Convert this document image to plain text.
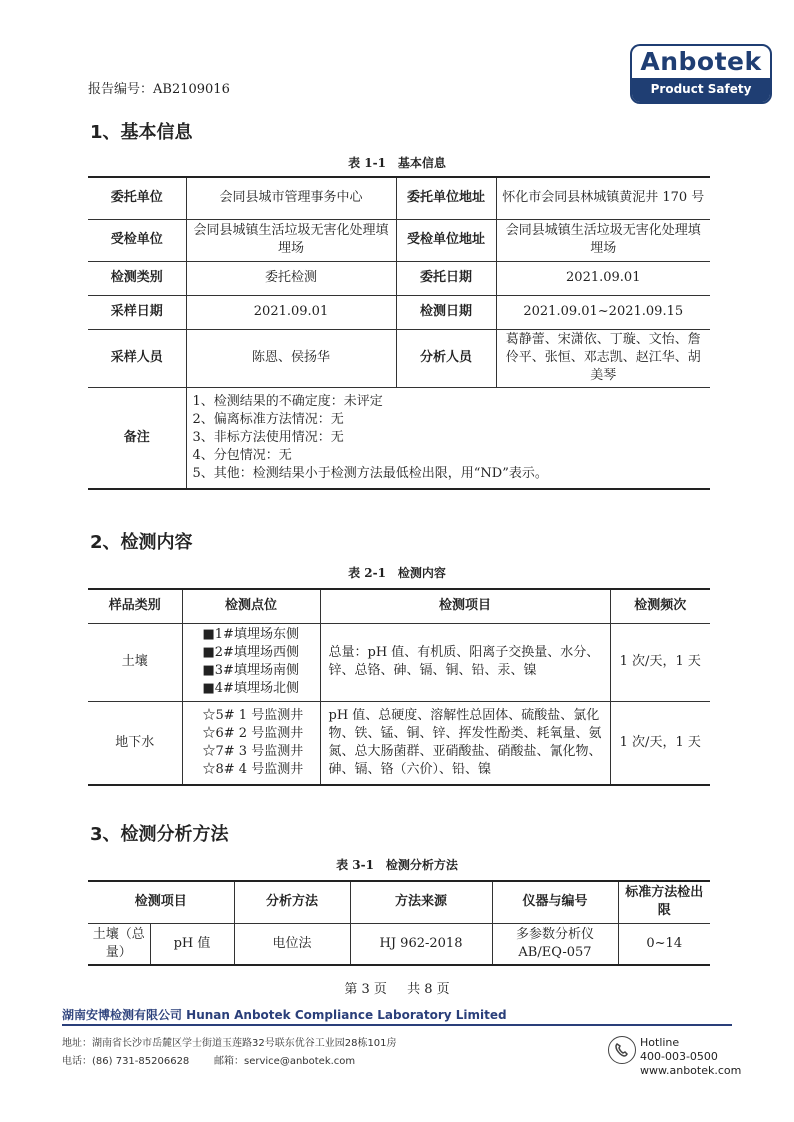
报告编号：AB2109016
Anbotek
Product Safety
1、基本信息
表 1-1　基本信息
委托单位	会同县城市管理事务中心	委托单位地址	怀化市会同县林城镇黄泥井 170 号
受检单位	会同县城镇生活垃圾无害化处理填埋场	受检单位地址	会同县城镇生活垃圾无害化处理填埋场
检测类别	委托检测	委托日期	2021.09.01
采样日期	2021.09.01	检测日期	2021.09.01~2021.09.15
采样人员	陈恩、侯扬华	分析人员	葛静蕾、宋潇依、丁璇、文怡、詹伶平、张恒、邓志凯、赵江华、胡美琴
备注	1、检测结果的不确定度：未评定
2、偏离标准方法情况：无
3、非标方法使用情况：无
4、分包情况：无
5、其他：检测结果小于检测方法最低检出限，用“ND”表示。		
2、检测内容
表 2-1　检测内容
样品类别	检测点位	检测项目	检测频次
土壤	■1#填埋场东侧
■2#填埋场西侧
■3#填埋场南侧
■4#填埋场北侧	总量：pH 值、有机质、阳离子交换量、水分、锌、总铬、砷、镉、铜、铅、汞、镍	1 次/天，1 天
地下水	☆5# 1 号监测井
☆6# 2 号监测井
☆7# 3 号监测井
☆8# 4 号监测井	pH 值、总硬度、溶解性总固体、硫酸盐、氯化物、铁、锰、铜、锌、挥发性酚类、耗氧量、氨氮、总大肠菌群、亚硝酸盐、硝酸盐、氰化物、砷、镉、铬（六价）、铅、镍	1 次/天，1 天
3、检测分析方法
表 3-1　检测分析方法
检测项目		分析方法	方法来源	仪器与编号	标准方法检出限
土壤（总量）	pH 值	电位法	HJ 962-2018	多参数分析仪 AB/EQ-057	0~14
第 3 页 共 8 页
湖南安博检测有限公司 Hunan Anbotek Compliance Laboratory Limited
地址：湖南省长沙市岳麓区学士街道玉莲路32号联东优谷工业园28栋101房
电话：(86) 731-85206628 邮箱：service@anbotek.com
Hotline
400-003-0500
www.anbotek.com
